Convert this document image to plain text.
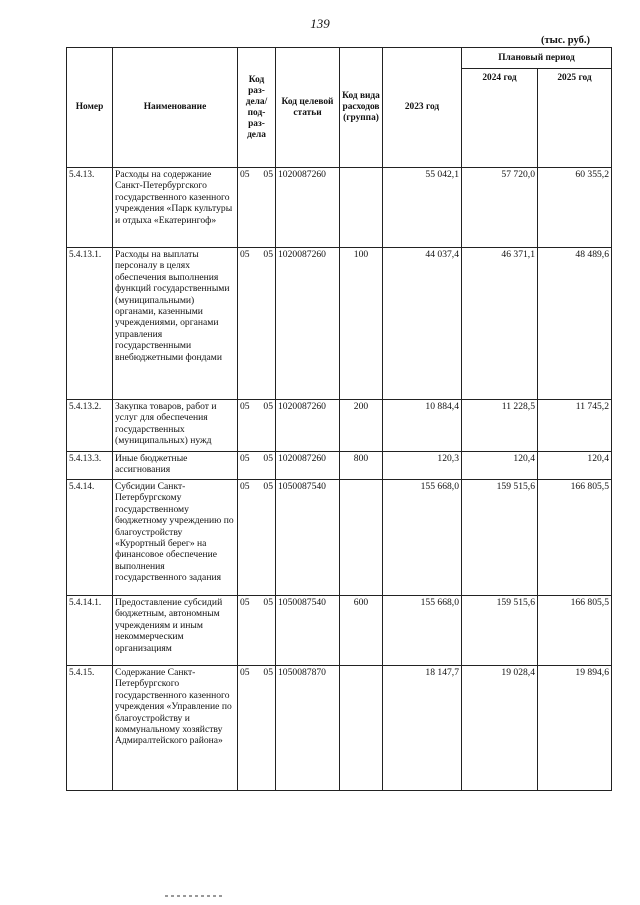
139
(тыс. руб.)
Номер	Наименование	Код раз-дела/ под-раз-дела	Код целевой статьи	Код вида расходов (группа)	2023 год	Плановый период	
						2024 год	2025 год
5.4.13.	Расходы на содержание Санкт-Петербургского государственного казенного учреждения «Парк культуры и отдыха «Екатерингоф»	05 05	1020087260		55 042,1	57 720,0	60 355,2
5.4.13.1.	Расходы на выплаты персоналу в целях обеспечения выполнения функций государственными (муниципальными) органами, казенными учреждениями, органами управления государственными внебюджетными фондами	05 05	1020087260	100	44 037,4	46 371,1	48 489,6
5.4.13.2.	Закупка товаров, работ и услуг для обеспечения государственных (муниципальных) нужд	05 05	1020087260	200	10 884,4	11 228,5	11 745,2
5.4.13.3.	Иные бюджетные ассигнования	05 05	1020087260	800	120,3	120,4	120,4
5.4.14.	Субсидии Санкт-Петербургскому государственному бюджетному учреждению по благоустройству «Курортный берег» на финансовое обеспечение выполнения государственного задания	05 05	1050087540		155 668,0	159 515,6	166 805,5
5.4.14.1.	Предоставление субсидий бюджетным, автономным учреждениям и иным некоммерческим организациям	05 05	1050087540	600	155 668,0	159 515,6	166 805,5
5.4.15.	Содержание Санкт-Петербургского государственного казенного учреждения «Управление по благоустройству и коммунальному хозяйству Адмиралтейского района»	05 05	1050087870		18 147,7	19 028,4	19 894,6
